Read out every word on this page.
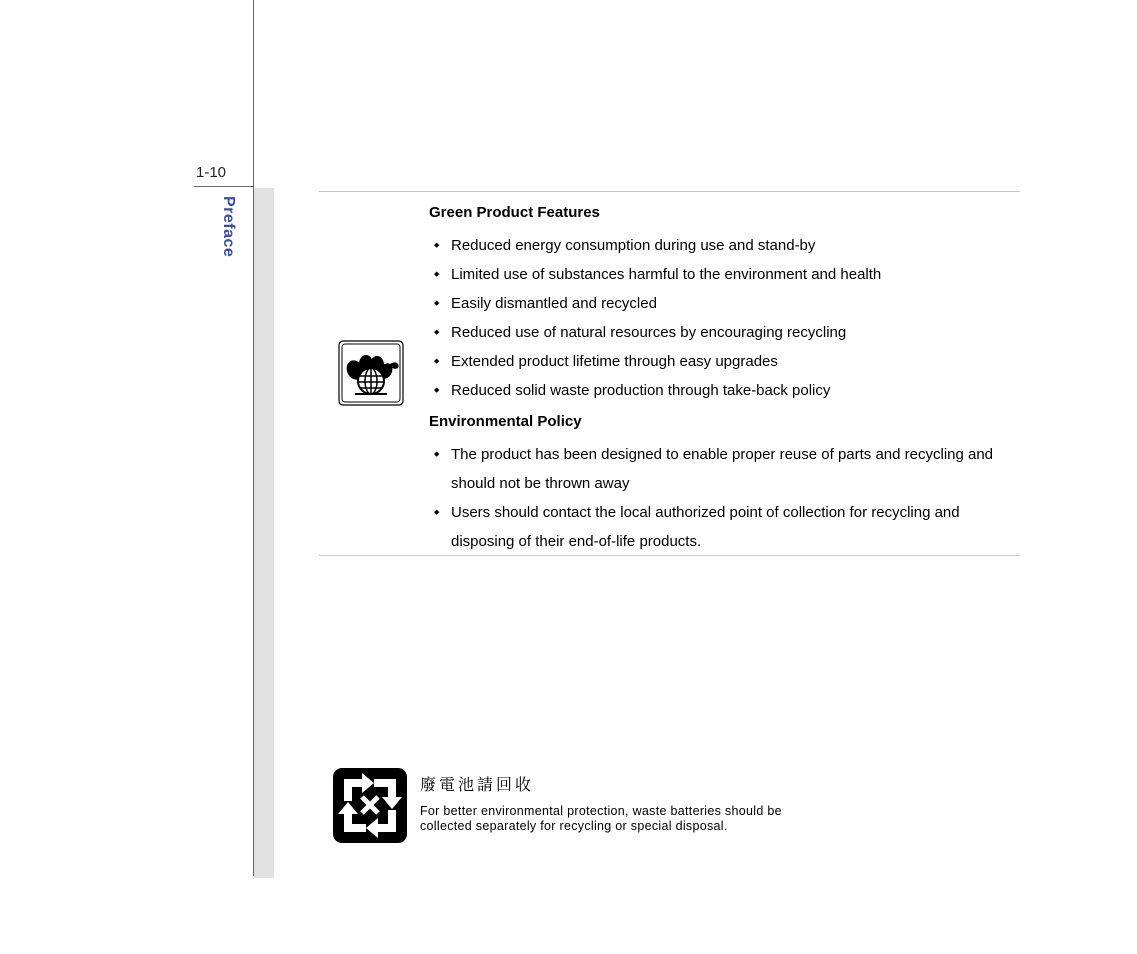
1-10
Preface	Green Product Features

◆ Reduced energy consumption during use and stand-by
◆ Limited use of substances harmful to the environment and health
◆ Easily dismantled and recycled
◆ Reduced use of natural resources by encouraging recycling
◆ Extended product lifetime through easy upgrades
◆ Reduced solid waste production through take-back policy

Environmental Policy

◆ The product has been designed to enable proper reuse of parts and recycling and should not be thrown away
◆ Users should contact the local authorized point of collection for recycling and disposing of their end-of-life products.

廢電池請回收

For better environmental protection, waste batteries should be

collected separately for recycling or special disposal.
